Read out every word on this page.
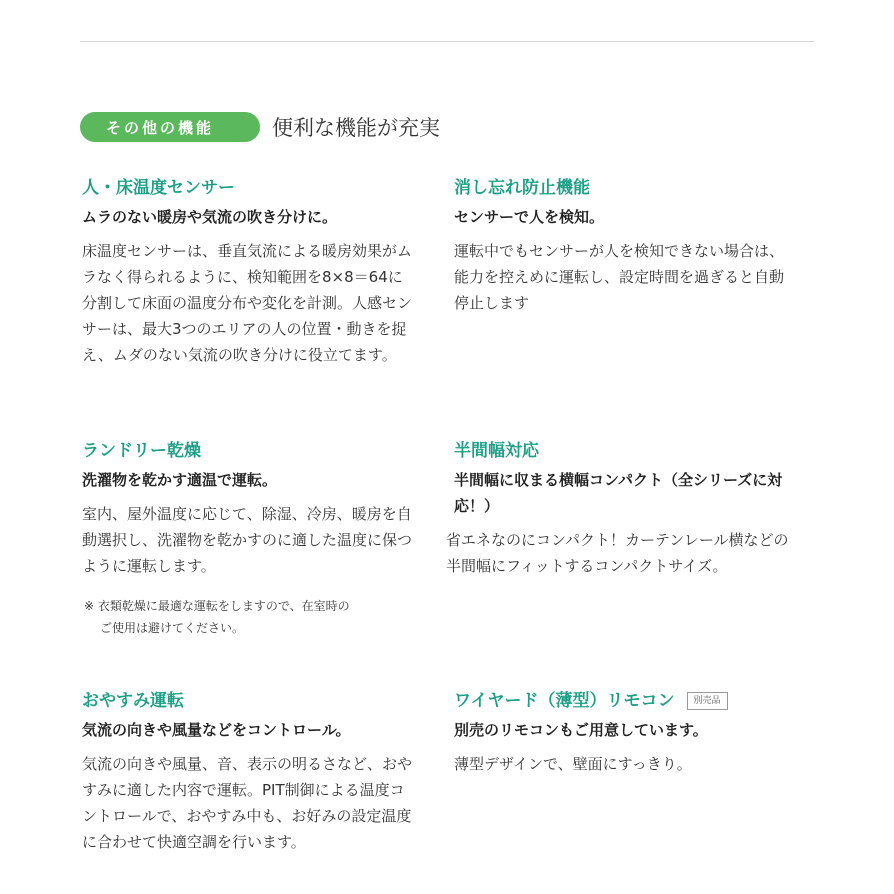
その他の機能	便利な機能が充実
人・床温度センサー
ムラのない暖房や気流の吹き分けに。
床温度センサーは、垂直気流による暖房効果がムラなく得られるように、検知範囲を8×8＝64に分割して床面の温度分布や変化を計測。人感センサーは、最大3つのエリアの人の位置・動きを捉え、ムダのない気流の吹き分けに役立てます。
消し忘れ防止機能
センサーで人を検知。
運転中でもセンサーが人を検知できない場合は、能力を控えめに運転し、設定時間を過ぎると自動停止します
ランドリー乾燥
洗濯物を乾かす適温で運転。
室内、屋外温度に応じて、除湿、冷房、暖房を自動選択し、洗濯物を乾かすのに適した温度に保つように運転します。
※ 衣類乾燥に最適な運転をしますので、在室時の
ご使用は避けてください。
半間幅対応
半間幅に収まる横幅コンパクト（全シリーズに対応！）
省エネなのにコンパクト！カーテンレール横などの半間幅にフィットするコンパクトサイズ。
おやすみ運転
気流の向きや風量などをコントロール。
気流の向きや風量、音、表示の明るさなど、おやすみに適した内容で運転。PIT制御による温度コントロールで、おやすみ中も、お好みの設定温度に合わせて快適空調を行います。
ワイヤード（薄型）リモコン	別売品
別売のリモコンもご用意しています。
薄型デザインで、壁面にすっきり。
